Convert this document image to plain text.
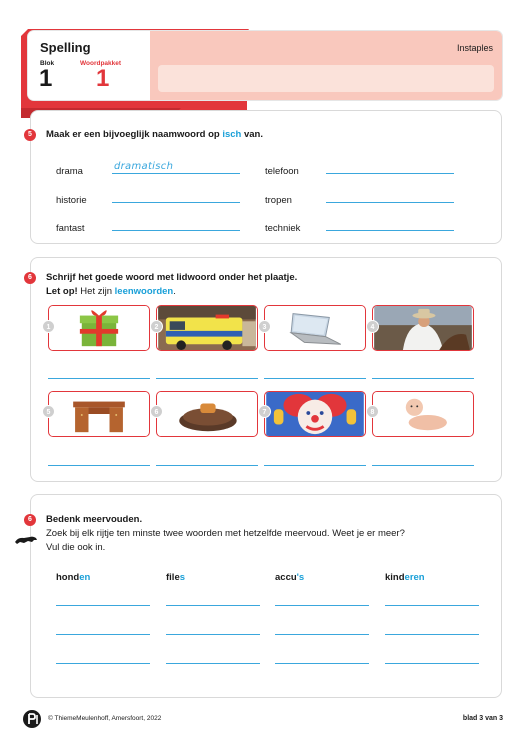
Spelling
Blok
1
Woordpakket
1
Instaples
5	Maak er een bijvoeglijk naamwoord op isch van.
drama	dramatisch	telefoon
historie	tropen
fantast	techniek
6	Schrijf het goede woord met lidwoord onder het plaatje.
Let op! Het zijn leenwoorden.
1	2	3	4
5	6	7	8
6	Bedenk meervouden.
Zoek bij elk rijtje ten minste twee woorden met hetzelfde meervoud. Weet je er meer?
Vul die ook in.
honden	files	accu's	kinderen
© ThiemeMeulenhoff, Amersfoort, 2022	blad 3 van 3
